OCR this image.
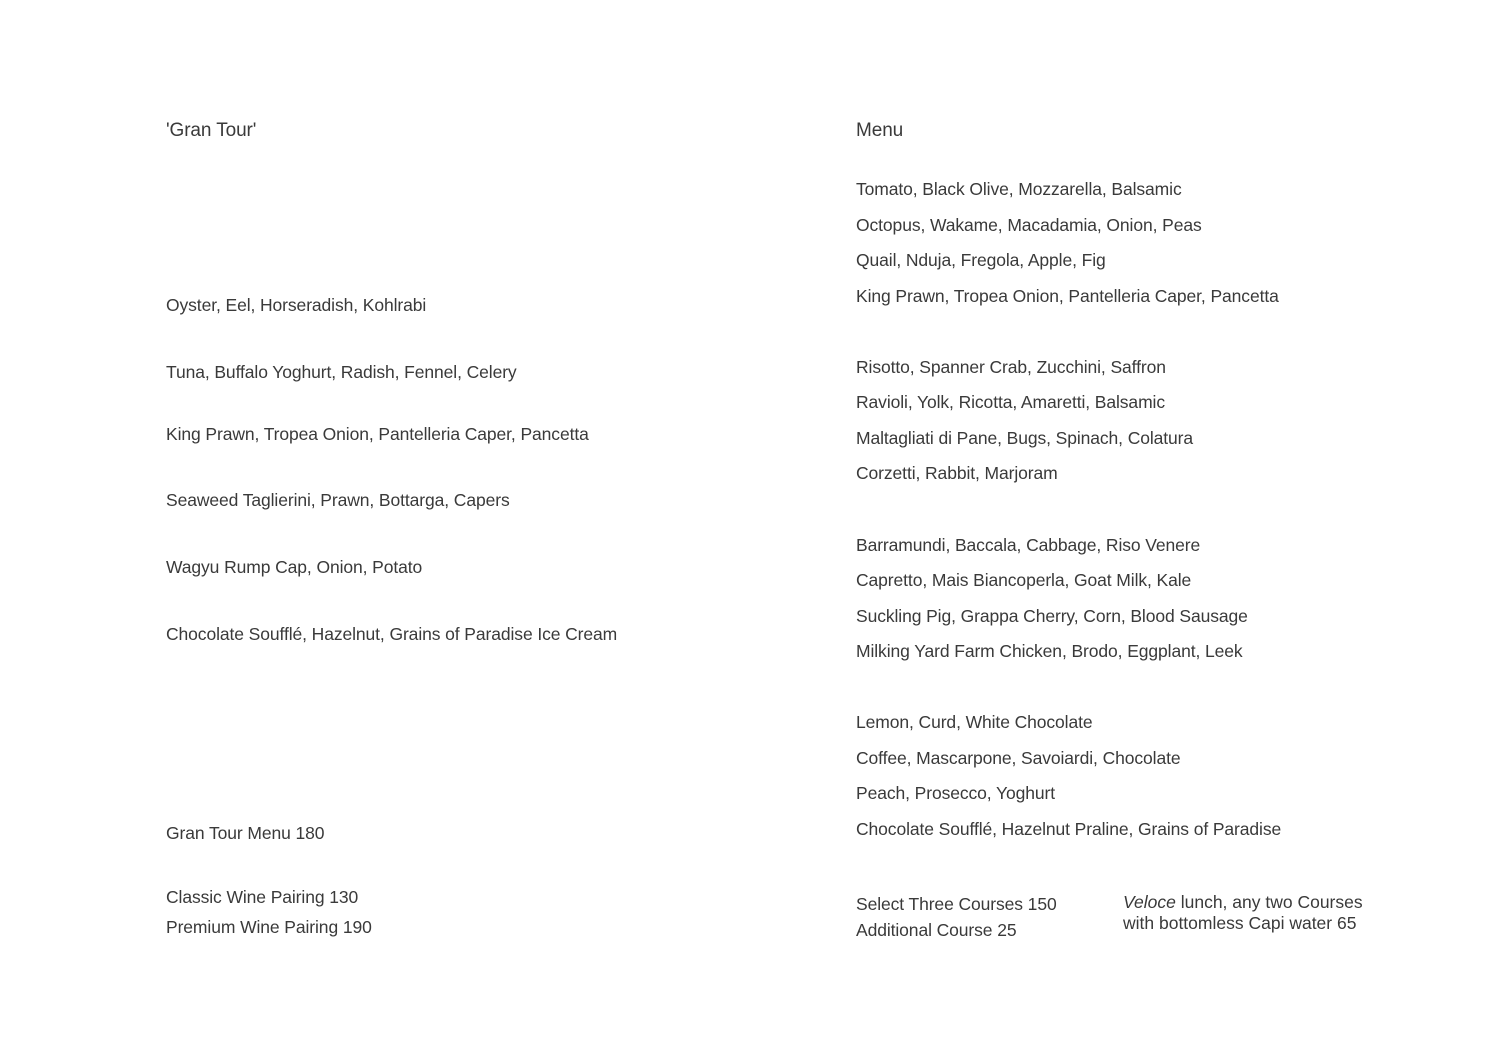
'Gran Tour'
Oyster, Eel, Horseradish, Kohlrabi
Tuna, Buffalo Yoghurt, Radish, Fennel, Celery
King Prawn, Tropea Onion, Pantelleria Caper, Pancetta
Seaweed Taglierini, Prawn, Bottarga, Capers
Wagyu Rump Cap, Onion, Potato
Chocolate Soufflé, Hazelnut, Grains of Paradise Ice Cream
Gran Tour Menu 180
Classic Wine Pairing 130
Premium Wine Pairing 190
Menu
Tomato, Black Olive, Mozzarella, Balsamic
Octopus, Wakame, Macadamia, Onion, Peas
Quail, Nduja, Fregola, Apple, Fig
King Prawn, Tropea Onion, Pantelleria Caper, Pancetta
Risotto, Spanner Crab, Zucchini, Saffron
Ravioli, Yolk, Ricotta, Amaretti, Balsamic
Maltagliati di Pane, Bugs, Spinach, Colatura
Corzetti, Rabbit, Marjoram
Barramundi, Baccala, Cabbage, Riso Venere
Capretto, Mais Biancoperla, Goat Milk, Kale
Suckling Pig, Grappa Cherry, Corn, Blood Sausage
Milking Yard Farm Chicken, Brodo, Eggplant, Leek
Lemon, Curd, White Chocolate
Coffee, Mascarpone, Savoiardi, Chocolate
Peach, Prosecco, Yoghurt
Chocolate Soufflé, Hazelnut Praline, Grains of Paradise
Select Three Courses 150
Additional Course 25
Veloce lunch, any two Courses
with bottomless Capi water 65
